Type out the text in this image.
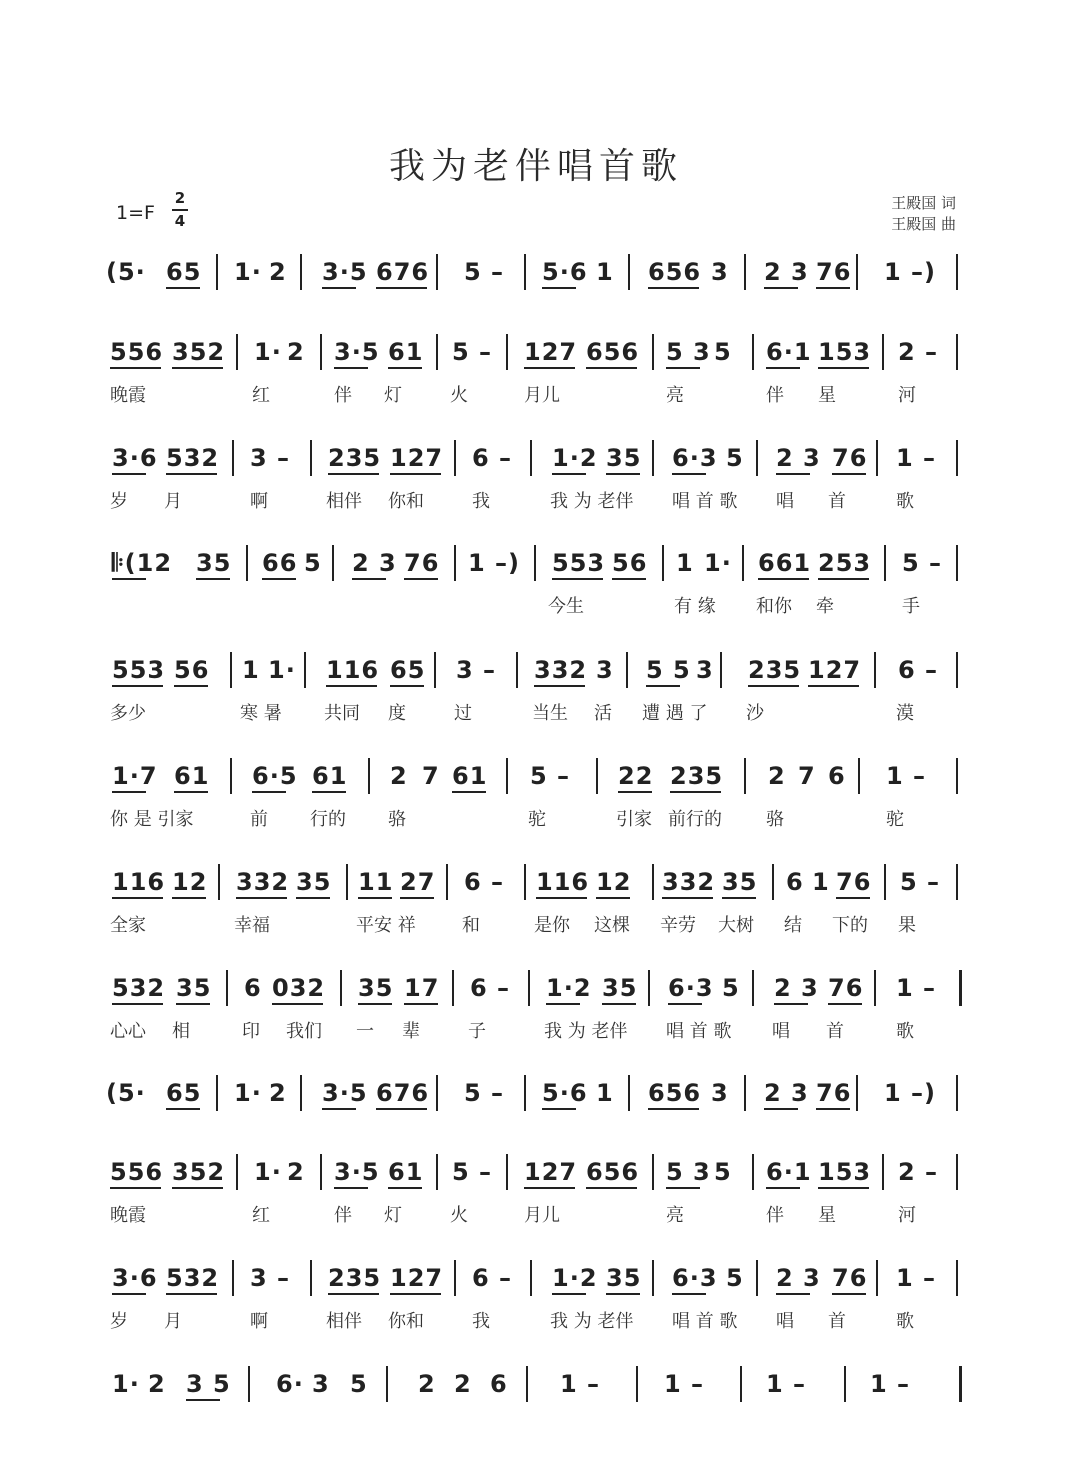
我为老伴唱首歌
1=F
2
4
王殿国 词
王殿国 曲
(5· 65 1· 2 3·5 676 5 – 5·6 1 656 3 2 3 76 1 –)
556 352 1· 2 3·5 61 5 – 127 656 5 3 5 6·1 153 2 –
晚霞	红	伴 灯	火	月儿	亮	伴 星	河
3·6 532 3 – 235 127 6 – 1·2 35 6·3 5 2 3 76 1 –
岁 月	啊	相伴 你和	我	我 为 老伴 唱 首 歌 唱 首	歌
𝄆(12 35 66 5 2 3 76 1 –) 553 56 1 1· 661 253 5 –
今生	有 缘 和你 牵	手
553 56 1 1· 116 65 3 – 332 3 5 5 3 235 127 6 –
多少	寒 暑 共同 度	过	当生 活 遭 遇 了 沙	漠
1·7 61 6·5 61 2 7 61 5 – 22 235 2 7 6 1 –
你 是 引家	前 行的 骆	驼	引家 前行的 骆	驼
116 12 332 35 11 27 6 – 116 12 332 35 6 1 76 5 –
全家	幸福	平安 祥	和	是你 这棵 辛劳 大树 结 下的 果
532 35 6 032 35 17 6 – 1·2 35 6·3 5 2 3 76 1 –
心心 相	印 我们 一 辈	子	我 为 老伴 唱 首 歌 唱 首	歌
(5· 65 1· 2 3·5 676 5 – 5·6 1 656 3 2 3 76 1 –)
556 352 1· 2 3·5 61 5 – 127 656 5 3 5 6·1 153 2 –
晚霞	红	伴 灯	火	月儿	亮	伴 星	河
3·6 532 3 – 235 127 6 – 1·2 35 6·3 5 2 3 76 1 –
岁 月	啊	相伴 你和	我	我 为 老伴 唱 首 歌 唱 首	歌
1· 2 3 5 6· 3 5 2 2 6 1 –	1 –	1 –	1 –
